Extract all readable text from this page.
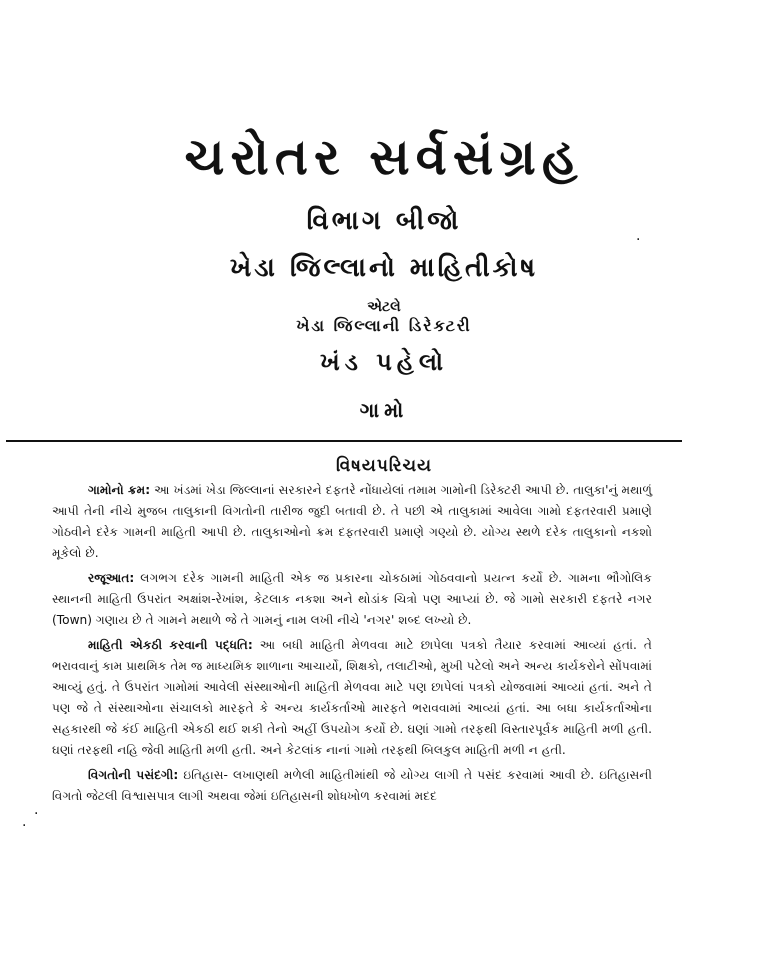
ચરોતર સર્વસંગ્રહ
વિભાગ બીજો
ખેડા જિલ્લાનો માહિતીકોષ
એટલે
ખેડા જિલ્લાની ડિરેક્ટરી
ખંડ પહેલો
ગામો
વિષયપરિચય

ગામોનો ક્રમ: આ ખંડમાં ખેડા જિલ્લાનાં સરકારને દફતરે નોંધાયેલાં તમામ ગામોની ડિરેક્ટરી આપી છે. તાલુકા'નું મથાળું આપી તેની નીચે મુજબ તાલુકાની વિગતોની તારીજ જુદી બતાવી છે. તે પછી એ તાલુકામાં આવેલા ગામો દફતરવારી પ્રમાણે ગોઠવીને દરેક ગામની માહિતી આપી છે. તાલુકાઓનો ક્રમ દફતરવારી પ્રમાણે ગણ્યો છે. યોગ્ય સ્થળે દરેક તાલુકાનો નકશો મૂકેલો છે.

રજૂઆત: લગભગ દરેક ગામની માહિતી એક જ પ્રકારના ચોકઠામાં ગોઠવવાનો પ્રયત્ન કર્યો છે. ગામના ભૌગોલિક સ્થાનની માહિતી ઉપરાંત અક્ષાંશ-રેખાંશ, કેટલાક નકશા અને થોડાંક ચિત્રો પણ આપ્યાં છે. જે ગામો સરકારી દફતરે નગર (Town) ગણાય છે તે ગામને મથાળે જે તે ગામનું નામ લખી નીચે 'નગર' શબ્દ લખ્યો છે.

માહિતી એકઠી કરવાની પદ્ધતિ: આ બધી માહિતી મેળવવા માટે છાપેલા પત્રકો તૈયાર કરવામાં આવ્યાં હતાં. તે ભરાવવાનું કામ પ્રાથમિક તેમ જ માધ્યમિક શાળાના આચાર્યો, શિક્ષકો, તલાટીઓ, મુખી પટેલો અને અન્ય કાર્યકરોને સોંપવામાં આવ્યું હતું. તે ઉપરાંત ગામોમાં આવેલી સંસ્થાઓની માહિતી મેળવવા માટે પણ છાપેલાં પત્રકો યોજવામાં આવ્યાં હતાં. અને તે પણ જે તે સંસ્થાઓના સંચાલકો મારફતે કે અન્ય કાર્યકર્તાઓ મારફતે ભરાવવામાં આવ્યાં હતાં. આ બધા કાર્યકર્તાઓના સહકારથી જે કંઈ માહિતી એકઠી થઈ શકી તેનો અહીં ઉપયોગ કર્યો છે. ઘણાં ગામો તરફથી વિસ્તારપૂર્વક માહિતી મળી હતી. ઘણાં તરફથી નહિ જેવી માહિતી મળી હતી. અને કેટલાંક નાનાં ગામો તરફથી બિલકુલ માહિતી મળી ન હતી.

વિગતોની પસંદગી: ઇતિહાસ- લખાણથી મળેલી માહિતીમાંથી જે યોગ્ય લાગી તે પસંદ કરવામાં આવી છે. ઇતિહાસની વિગતો જેટલી વિશ્વાસપાત્ર લાગી અથવા જેમાં ઇતિહાસની શોધખોળ કરવામાં મદદ

·
·
·
